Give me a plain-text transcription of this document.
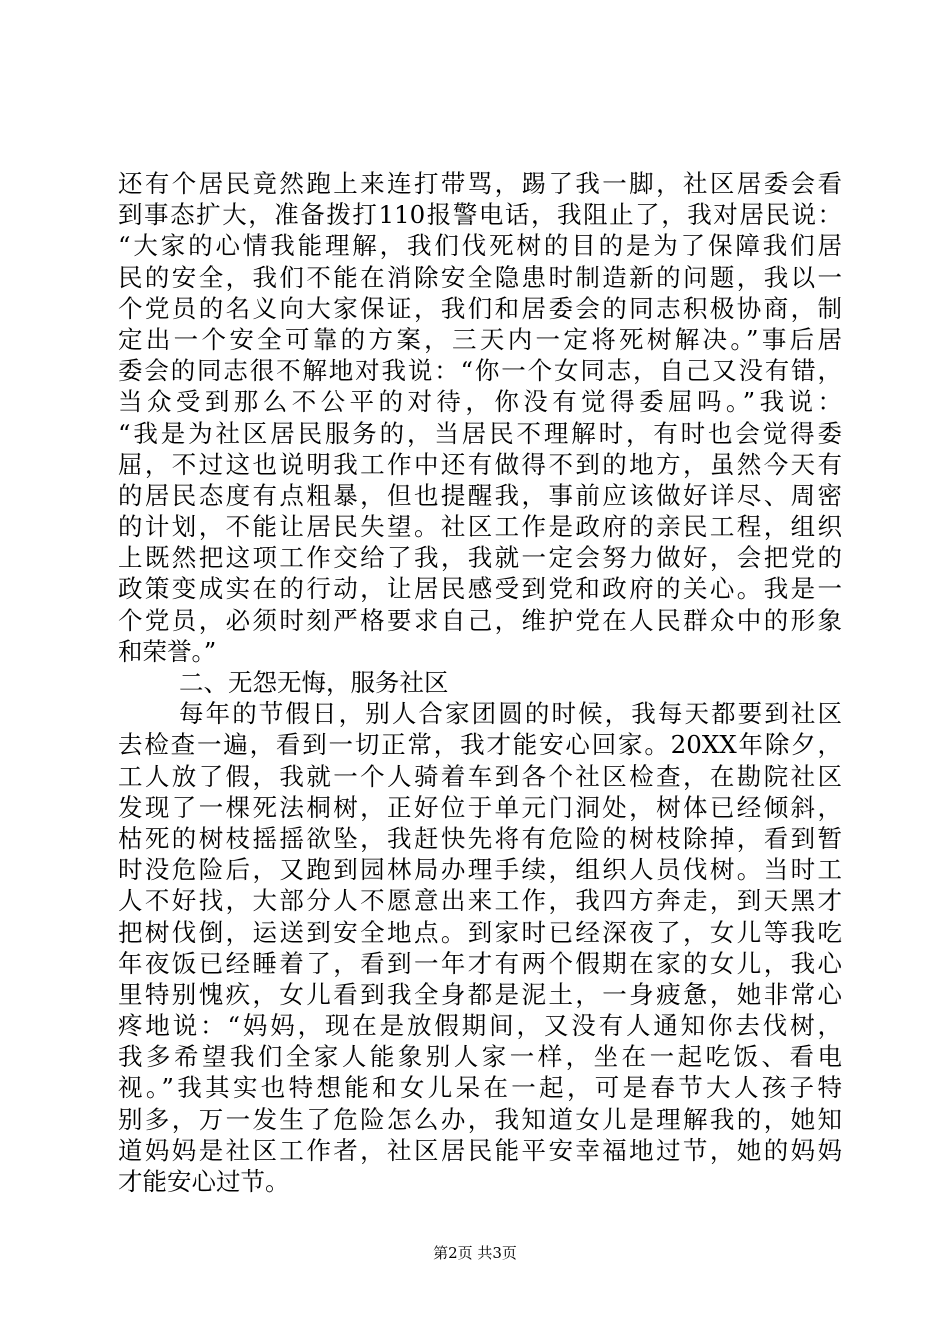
还有个居民竟然跑上来连打带骂，踢了我一脚，社区居委会看
到事态扩大，准备拨打110报警电话，我阻止了，我对居民说：
“大家的心情我能理解，我们伐死树的目的是为了保障我们居
民的安全，我们不能在消除安全隐患时制造新的问题，我以一
个党员的名义向大家保证，我们和居委会的同志积极协商，制
定出一个安全可靠的方案，三天内一定将死树解决。”事后居
委会的同志很不解地对我说：“你一个女同志，自己又没有错，
当众受到那么不公平的对待，你没有觉得委屈吗。”我说：
“我是为社区居民服务的，当居民不理解时，有时也会觉得委
屈，不过这也说明我工作中还有做得不到的地方，虽然今天有
的居民态度有点粗暴，但也提醒我，事前应该做好详尽、周密
的计划，不能让居民失望。社区工作是政府的亲民工程，组织
上既然把这项工作交给了我，我就一定会努力做好，会把党的
政策变成实在的行动，让居民感受到党和政府的关心。我是一
个党员，必须时刻严格要求自己，维护党在人民群众中的形象
和荣誉。”
二、无怨无悔，服务社区
每年的节假日，别人合家团圆的时候，我每天都要到社区
去检查一遍，看到一切正常，我才能安心回家。20XX年除夕，
工人放了假，我就一个人骑着车到各个社区检查，在勘院社区
发现了一棵死法桐树，正好位于单元门洞处，树体已经倾斜，
枯死的树枝摇摇欲坠，我赶快先将有危险的树枝除掉，看到暂
时没危险后，又跑到园林局办理手续，组织人员伐树。当时工
人不好找，大部分人不愿意出来工作，我四方奔走，到天黑才
把树伐倒，运送到安全地点。到家时已经深夜了，女儿等我吃
年夜饭已经睡着了，看到一年才有两个假期在家的女儿，我心
里特别愧疚，女儿看到我全身都是泥土，一身疲惫，她非常心
疼地说：“妈妈，现在是放假期间，又没有人通知你去伐树，
我多希望我们全家人能象别人家一样，坐在一起吃饭、看电
视。”我其实也特想能和女儿呆在一起，可是春节大人孩子特
别多，万一发生了危险怎么办，我知道女儿是理解我的，她知
道妈妈是社区工作者，社区居民能平安幸福地过节，她的妈妈
才能安心过节。
第2页 共3页
